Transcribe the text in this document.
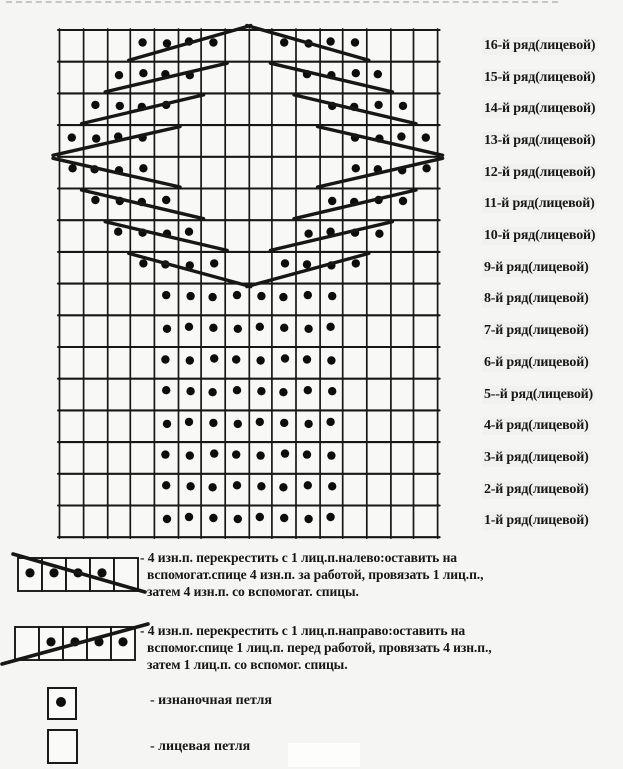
16-й ряд(лицевой)
15-й ряд(лицевой)
14-й ряд(лицевой)
13-й ряд(лицевой)
12-й ряд(лицевой)
11-й ряд(лицевой)
10-й ряд(лицевой)
9-й ряд(лицевой)
8-й ряд(лицевой)
7-й ряд(лицевой)
6-й ряд(лицевой)
5--й ряд(лицевой)
4-й ряд(лицевой)
3-й ряд(лицевой)
2-й ряд(лицевой)
1-й ряд(лицевой)
- 4 изн.п. перекрестить с 1 лиц.п.налево:оставить на
вспомогат.спице 4 изн.п. за работой, провязать 1 лиц.п.,
затем 4 изн.п. со вспомогат. спицы.
- 4 изн.п. перекрестить с 1 лиц.п.направо:оставить на
вспомог.спице 1 лиц.п. перед работой, провязать 4 изн.п.,
затем 1 лиц.п. со вспомог. спицы.
- изнаночная петля
- лицевая петля
